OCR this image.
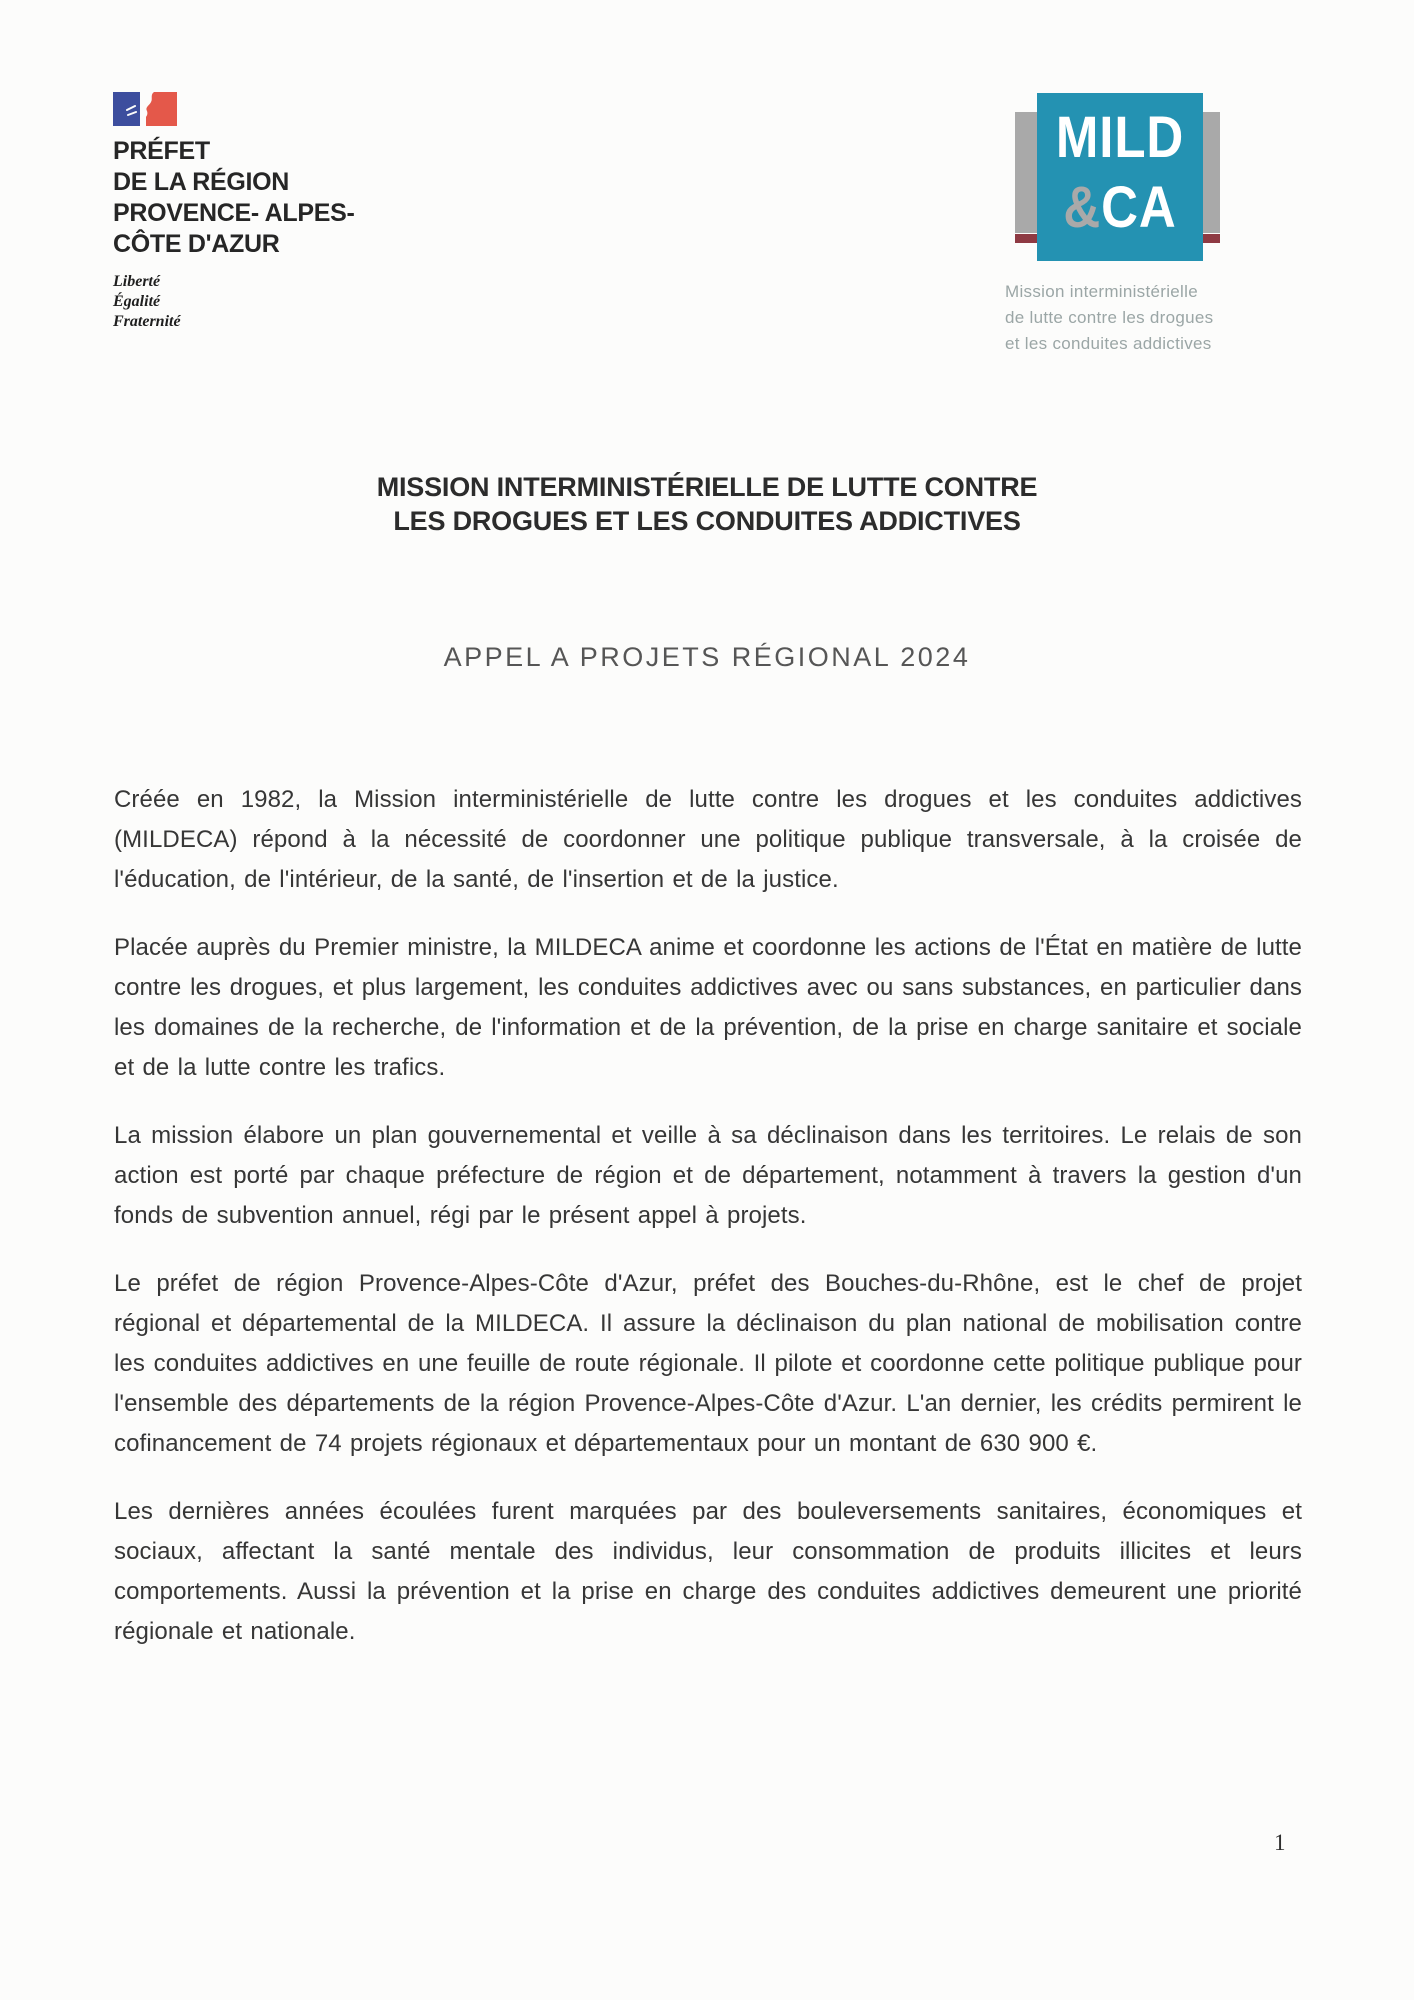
PRÉFET
DE LA RÉGION
PROVENCE- ALPES-
CÔTE D'AZUR
Liberté
Égalité
Fraternité
MILD
&CA
Mission interministérielle
de lutte contre les drogues
et les conduites addictives
MISSION INTERMINISTÉRIELLE DE LUTTE CONTRE
LES DROGUES ET LES CONDUITES ADDICTIVES
APPEL A PROJETS RÉGIONAL 2024

Créée en 1982, la Mission interministérielle de lutte contre les drogues et les conduites addictives (MILDECA) répond à la nécessité de coordonner une politique publique transversale, à la croisée de l'éducation, de l'intérieur, de la santé, de l'insertion et de la justice.

Placée auprès du Premier ministre, la MILDECA anime et coordonne les actions de l'État en matière de lutte contre les drogues, et plus largement, les conduites addictives avec ou sans substances, en particulier dans les domaines de la recherche, de l'information et de la prévention, de la prise en charge sanitaire et sociale et de la lutte contre les trafics.

La mission élabore un plan gouvernemental et veille à sa déclinaison dans les territoires. Le relais de son action est porté par chaque préfecture de région et de département, notamment à travers la gestion d'un fonds de subvention annuel, régi par le présent appel à projets.

Le préfet de région Provence-Alpes-Côte d'Azur, préfet des Bouches-du-Rhône, est le chef de projet régional et départemental de la MILDECA. Il assure la déclinaison du plan national de mobilisation contre les conduites addictives en une feuille de route régionale. Il pilote et coordonne cette politique publique pour l'ensemble des départements de la région Provence-Alpes-Côte d'Azur. L'an dernier, les crédits permirent le cofinancement de 74 projets régionaux et départementaux pour un montant de 630 900 €.

Les dernières années écoulées furent marquées par des bouleversements sanitaires, économiques et sociaux, affectant la santé mentale des individus, leur consommation de produits illicites et leurs comportements. Aussi la prévention et la prise en charge des conduites addictives demeurent une priorité régionale et nationale.

1
